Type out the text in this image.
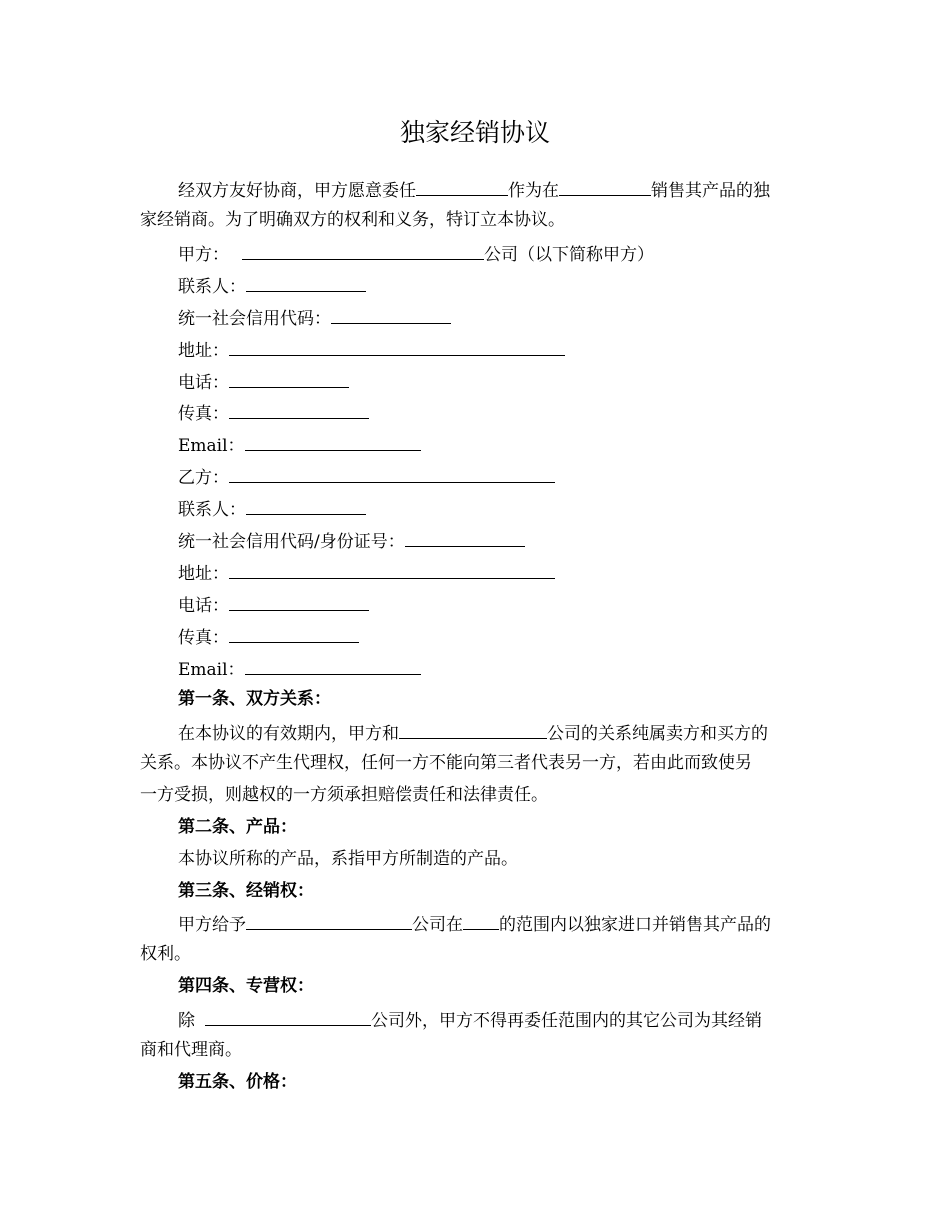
独家经销协议
经双方友好协商，甲方愿意委任	作为在	销售其产品的独
家经销商。为了明确双方的权利和义务，特订立本协议。
甲方：	公司（以下简称甲方）
联系人：
统一社会信用代码：
地址：
电话：
传真：
Email：
乙方：
联系人：
统一社会信用代码/身份证号：
地址：
电话：
传真：
Email：
第一条、双方关系：
在本协议的有效期内，甲方和	公司的关系纯属卖方和买方的
关系。本协议不产生代理权，任何一方不能向第三者代表另一方，若由此而致使另
一方受损，则越权的一方须承担赔偿责任和法律责任。
第二条、产品：
本协议所称的产品，系指甲方所制造的产品。
第三条、经销权：
甲方给予	公司在 的范围内以独家进口并销售其产品的
权利。
第四条、专营权：
除	公司外，甲方不得再委任范围内的其它公司为其经销
商和代理商。
第五条、价格：
